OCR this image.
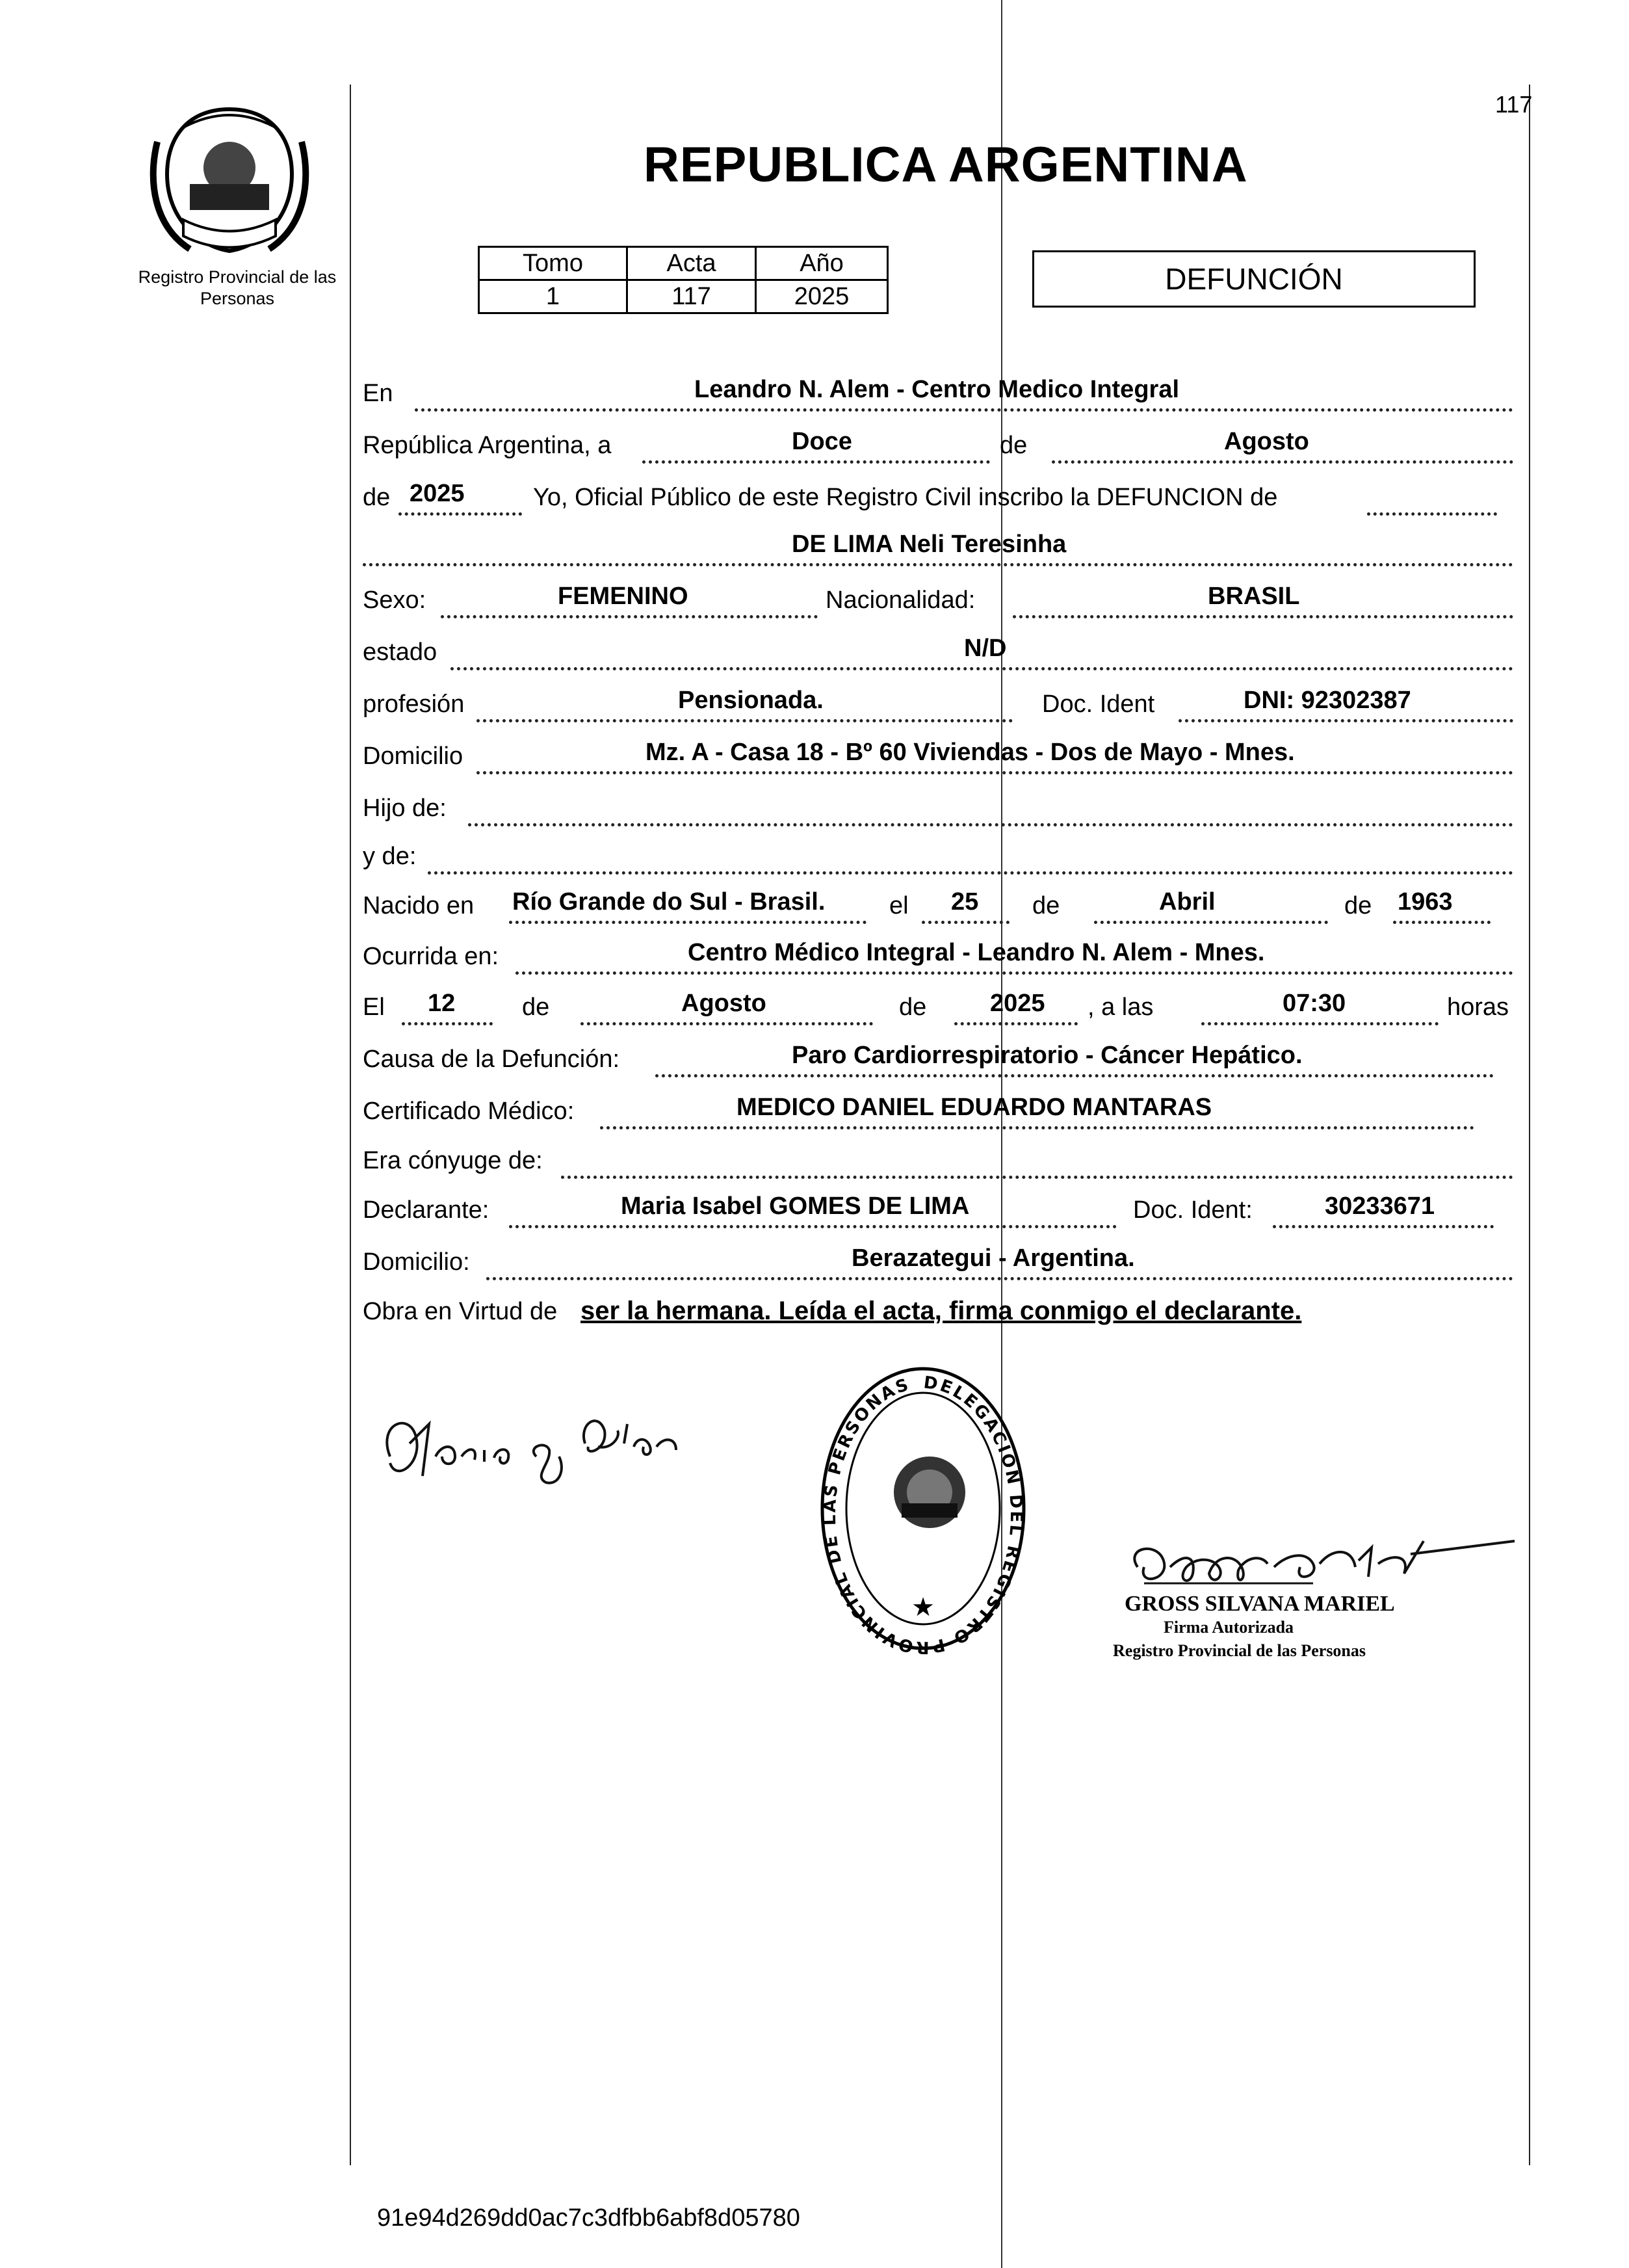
Registro Provincial de las Personas
117
REPUBLICA ARGENTINA
Tomo	Acta	Año
1	117	2025
DEFUNCIÓN
En	Leandro N. Alem - Centro Medico Integral
República Argentina, a	Doce	de	Agosto
de 2025	Yo, Oficial Público de este Registro Civil inscribo la DEFUNCION de
DE LIMA Neli Teresinha
Sexo:	FEMENINO	Nacionalidad:	BRASIL
estado	N/D
profesión	Pensionada.	Doc. Ident	DNI: 92302387
Domicilio	Mz. A - Casa 18 - Bº 60 Viviendas - Dos de Mayo - Mnes.
Hijo de:
y de:
Nacido en Río Grande do Sul - Brasil.	el 25 de	Abril	de 1963
Ocurrida en:	Centro Médico Integral - Leandro N. Alem - Mnes.
El 12	de	Agosto	de	2025 , a las	07:30	horas
Causa de la Defunción:	Paro Cardiorrespiratorio - Cáncer Hepático.
Certificado Médico:	MEDICO DANIEL EDUARDO MANTARAS
Era cónyuge de:
Declarante:	Maria Isabel GOMES DE LIMA	Doc. Ident:	30233671
Domicilio:	Berazategui - Argentina.
Obra en Virtud de ser la hermana. Leída el acta, firma conmigo el declarante.
DELEGACION DEL REGISTRO PROVINCIAL DE LAS PERSONAS
★	GROSS SILVANA MARIEL
Firma Autorizada
Registro Provincial de las Personas
91e94d269dd0ac7c3dfbb6abf8d05780
